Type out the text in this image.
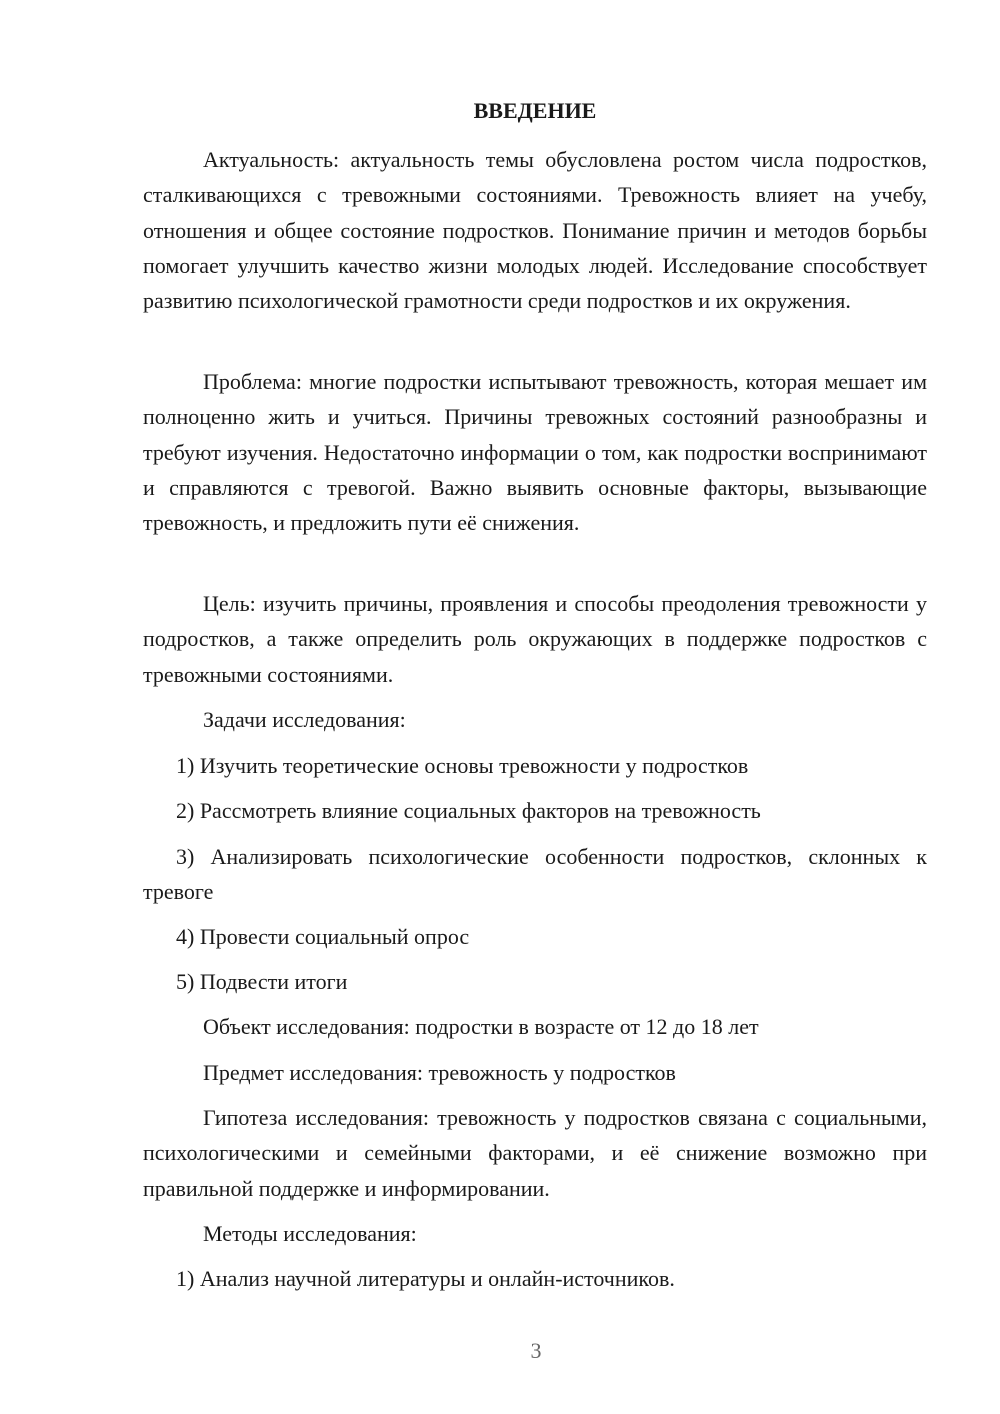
ВВЕДЕНИЕ

Актуальность: актуальность темы обусловлена ростом числа подростков, сталкивающихся с тревожными состояниями. Тревожность влияет на учебу, отношения и общее состояние подростков. Понимание причин и методов борьбы помогает улучшить качество жизни молодых людей. Исследование способствует развитию психологической грамотности среди подростков и их окружения.

Проблема: многие подростки испытывают тревожность, которая мешает им полноценно жить и учиться. Причины тревожных состояний разнообразны и требуют изучения. Недостаточно информации о том, как подростки воспринимают и справляются с тревогой. Важно выявить основные факторы, вызывающие тревожность, и предложить пути её снижения.

Цель: изучить причины, проявления и способы преодоления тревожности у подростков, а также определить роль окружающих в поддержке подростков с тревожными состояниями.

Задачи исследования:

1) Изучить теоретические основы тревожности у подростков

2) Рассмотреть влияние социальных факторов на тревожность

3) Анализировать психологические особенности подростков, склонных к тревоге

4) Провести социальный опрос

5) Подвести итоги

Объект исследования: подростки в возрасте от 12 до 18 лет

Предмет исследования: тревожность у подростков

Гипотеза исследования: тревожность у подростков связана с социальными, психологическими и семейными факторами, и её снижение возможно при правильной поддержке и информировании.

Методы исследования:

1) Анализ научной литературы и онлайн-источников.

3
